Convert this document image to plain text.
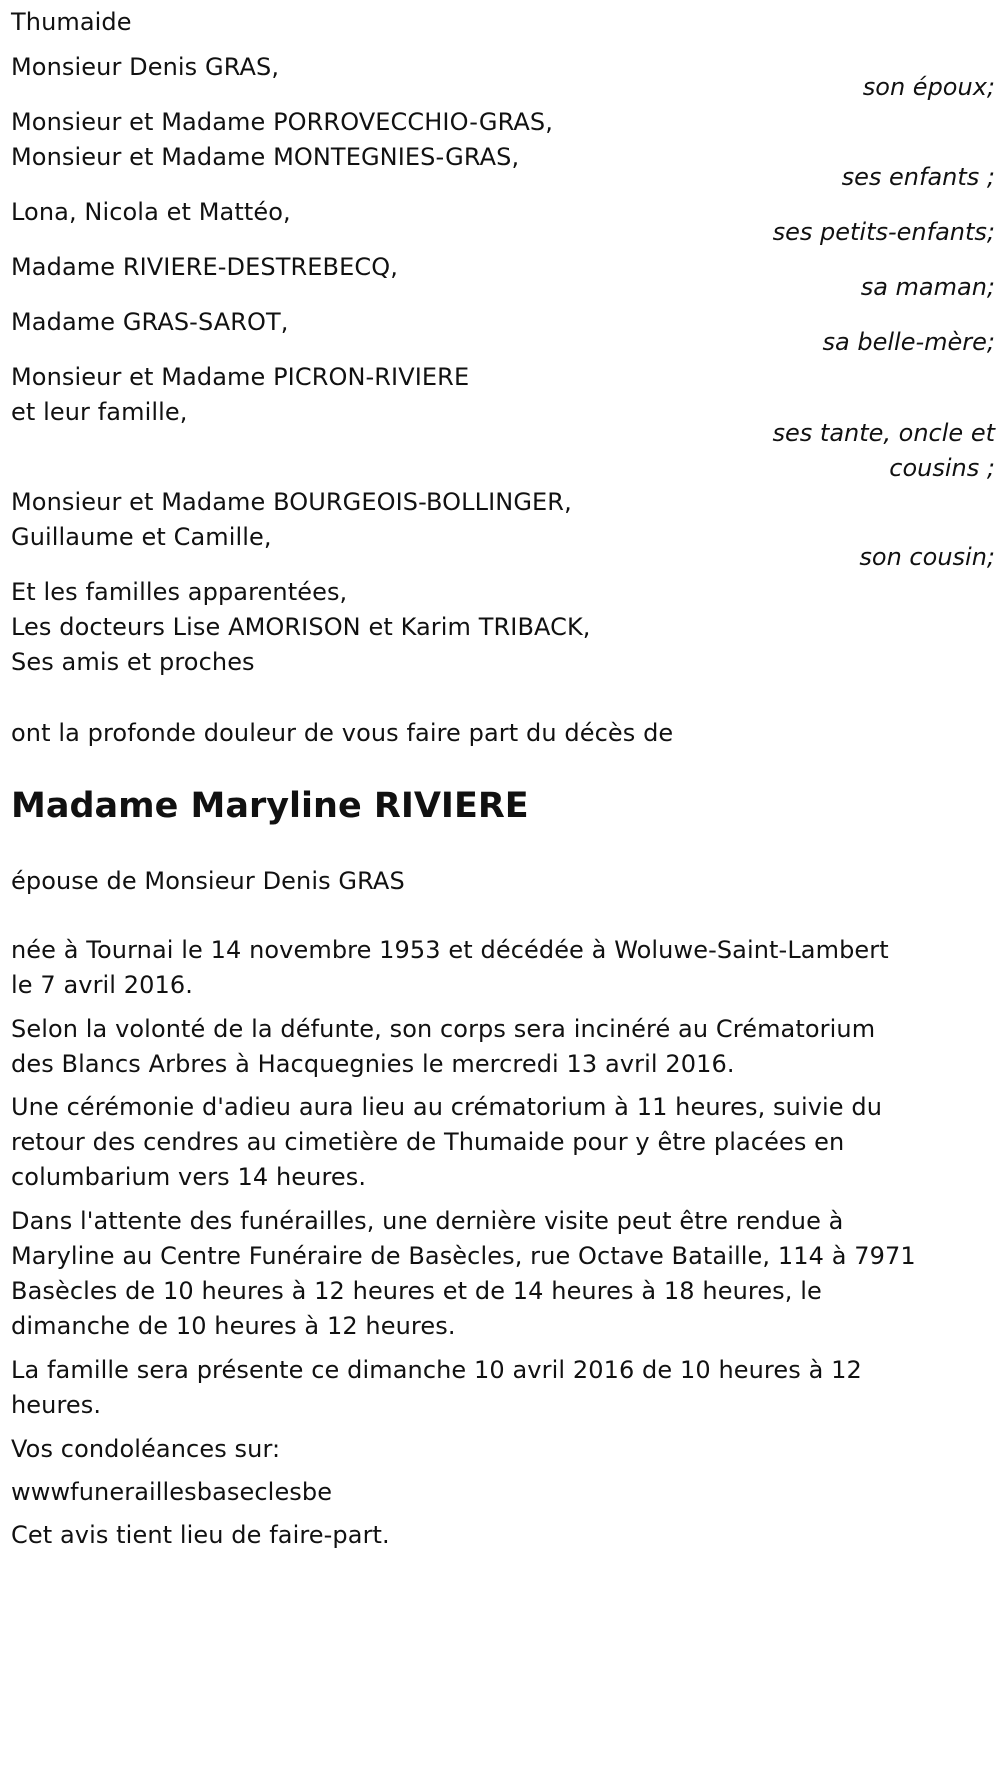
Thumaide
Monsieur Denis GRAS,
son époux;
Monsieur et Madame PORROVECCHIO-GRAS,
Monsieur et Madame MONTEGNIES-GRAS,
ses enfants ;
Lona, Nicola et Mattéo,
ses petits-enfants;
Madame RIVIERE-DESTREBECQ,
sa maman;
Madame GRAS-SAROT,
sa belle-mère;
Monsieur et Madame PICRON-RIVIERE
et leur famille,
ses tante, oncle et
cousins ;
Monsieur et Madame BOURGEOIS-BOLLINGER,
Guillaume et Camille,
son cousin;
Et les familles apparentées,
Les docteurs Lise AMORISON et Karim TRIBACK,
Ses amis et proches
ont la profonde douleur de vous faire part du décès de
Madame Maryline RIVIERE
épouse de Monsieur Denis GRAS
née à Tournai le 14 novembre 1953 et décédée à Woluwe-Saint-Lambert
le 7 avril 2016.
Selon la volonté de la défunte, son corps sera incinéré au Crématorium
des Blancs Arbres à Hacquegnies le mercredi 13 avril 2016.
Une cérémonie d'adieu aura lieu au crématorium à 11 heures, suivie du
retour des cendres au cimetière de Thumaide pour y être placées en
columbarium vers 14 heures.
Dans l'attente des funérailles, une dernière visite peut être rendue à
Maryline au Centre Funéraire de Basècles, rue Octave Bataille, 114 à 7971
Basècles de 10 heures à 12 heures et de 14 heures à 18 heures, le
dimanche de 10 heures à 12 heures.
La famille sera présente ce dimanche 10 avril 2016 de 10 heures à 12
heures.
Vos condoléances sur:
wwwfuneraillesbaseclesbe
Cet avis tient lieu de faire-part.
